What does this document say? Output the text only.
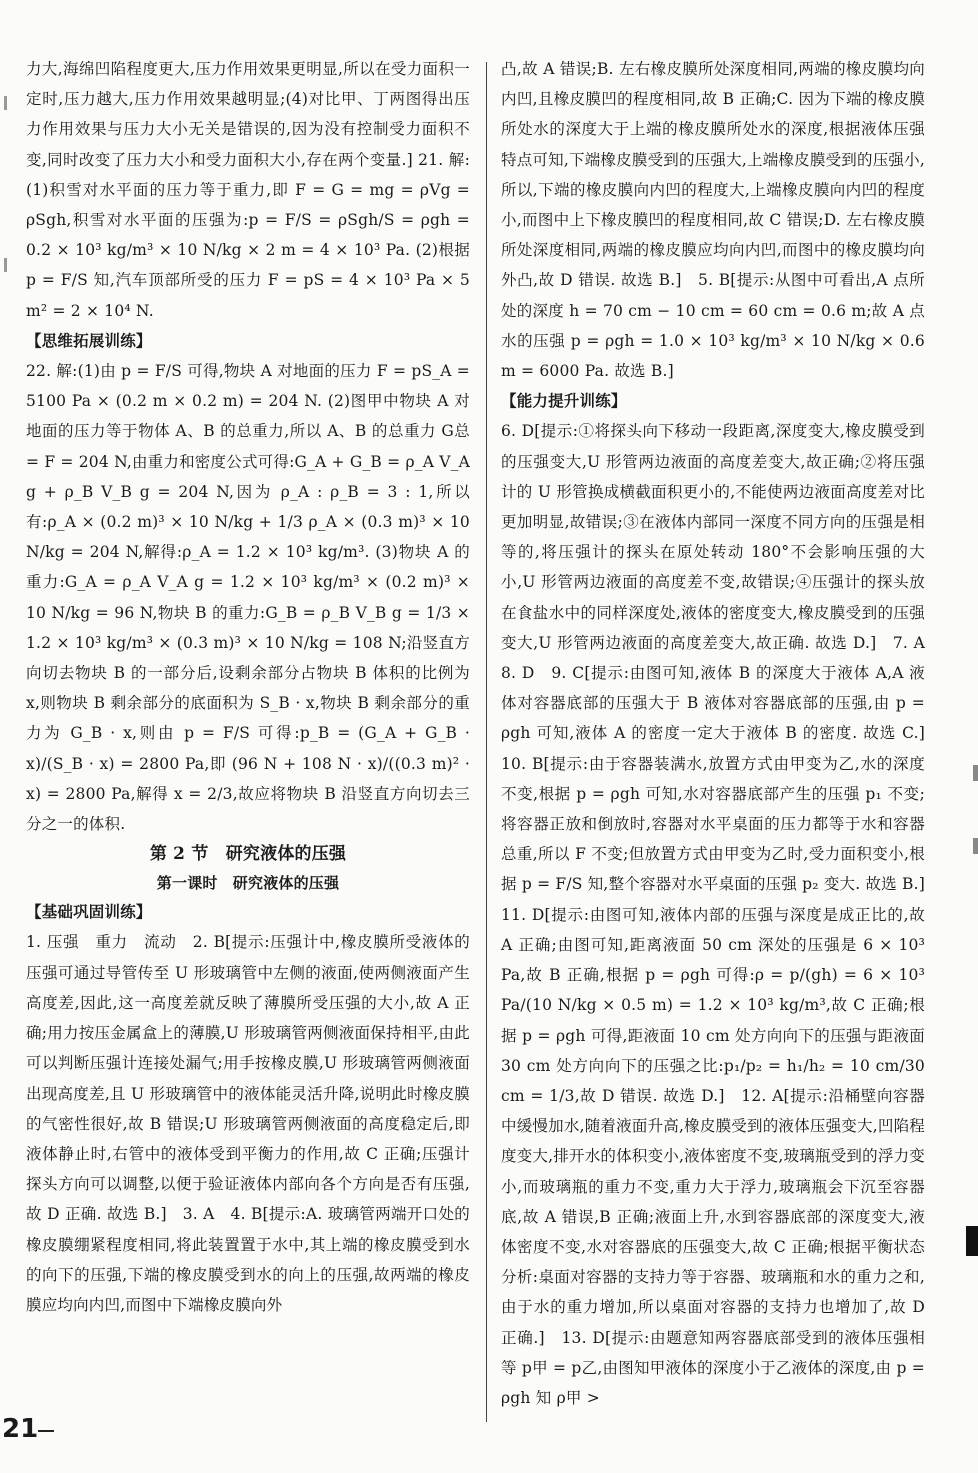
力大,海绵凹陷程度更大,压力作用效果更明显,所以在受力面积一定时,压力越大,压力作用效果越明显;(4)对比甲、丁两图得出压力作用效果与压力大小无关是错误的,因为没有控制受力面积不变,同时改变了压力大小和受力面积大小,存在两个变量.] 21. 解:(1)积雪对水平面的压力等于重力,即 F = G = mg = ρVg = ρSgh,积雪对水平面的压强为:p = F/S = ρSgh/S = ρgh = 0.2 × 10³ kg/m³ × 10 N/kg × 2 m = 4 × 10³ Pa. (2)根据 p = F/S 知,汽车顶部所受的压力 F = pS = 4 × 10³ Pa × 5 m² = 2 × 10⁴ N.

【思维拓展训练】

22. 解:(1)由 p = F/S 可得,物块 A 对地面的压力 F = pS_A = 5100 Pa × (0.2 m × 0.2 m) = 204 N. (2)图甲中物块 A 对地面的压力等于物体 A、B 的总重力,所以 A、B 的总重力 G总 = F = 204 N,由重力和密度公式可得:G_A + G_B = ρ_A V_A g + ρ_B V_B g = 204 N,因为 ρ_A : ρ_B = 3 : 1,所以有:ρ_A × (0.2 m)³ × 10 N/kg + 1/3 ρ_A × (0.3 m)³ × 10 N/kg = 204 N,解得:ρ_A = 1.2 × 10³ kg/m³. (3)物块 A 的重力:G_A = ρ_A V_A g = 1.2 × 10³ kg/m³ × (0.2 m)³ × 10 N/kg = 96 N,物块 B 的重力:G_B = ρ_B V_B g = 1/3 × 1.2 × 10³ kg/m³ × (0.3 m)³ × 10 N/kg = 108 N;沿竖直方向切去物块 B 的一部分后,设剩余部分占物块 B 体积的比例为 x,则物块 B 剩余部分的底面积为 S_B · x,物块 B 剩余部分的重力为 G_B · x,则由 p = F/S 可得:p_B = (G_A + G_B · x)/(S_B · x) = 2800 Pa,即 (96 N + 108 N · x)/((0.3 m)² · x) = 2800 Pa,解得 x = 2/3,故应将物块 B 沿竖直方向切去三分之一的体积.

第 2 节　研究液体的压强

第一课时　研究液体的压强

【基础巩固训练】

1. 压强　重力　流动　2. B[提示:压强计中,橡皮膜所受液体的压强可通过导管传至 U 形玻璃管中左侧的液面,使两侧液面产生高度差,因此,这一高度差就反映了薄膜所受压强的大小,故 A 正确;用力按压金属盒上的薄膜,U 形玻璃管两侧液面保持相平,由此可以判断压强计连接处漏气;用手按橡皮膜,U 形玻璃管两侧液面出现高度差,且 U 形玻璃管中的液体能灵活升降,说明此时橡皮膜的气密性很好,故 B 错误;U 形玻璃管两侧液面的高度稳定后,即液体静止时,右管中的液体受到平衡力的作用,故 C 正确;压强计探头方向可以调整,以便于验证液体内部向各个方向是否有压强,故 D 正确. 故选 B.]　3. A　4. B[提示:A. 玻璃管两端开口处的橡皮膜绷紧程度相同,将此装置置于水中,其上端的橡皮膜受到水的向下的压强,下端的橡皮膜受到水的向上的压强,故两端的橡皮膜应均向内凹,而图中下端橡皮膜向外

凸,故 A 错误;B. 左右橡皮膜所处深度相同,两端的橡皮膜均向内凹,且橡皮膜凹的程度相同,故 B 正确;C. 因为下端的橡皮膜所处水的深度大于上端的橡皮膜所处水的深度,根据液体压强特点可知,下端橡皮膜受到的压强大,上端橡皮膜受到的压强小,所以,下端的橡皮膜向内凹的程度大,上端橡皮膜向内凹的程度小,而图中上下橡皮膜凹的程度相同,故 C 错误;D. 左右橡皮膜所处深度相同,两端的橡皮膜应均向内凹,而图中的橡皮膜均向外凸,故 D 错误. 故选 B.]　5. B[提示:从图中可看出,A 点所处的深度 h = 70 cm − 10 cm = 60 cm = 0.6 m;故 A 点水的压强 p = ρgh = 1.0 × 10³ kg/m³ × 10 N/kg × 0.6 m = 6000 Pa. 故选 B.]

【能力提升训练】

6. D[提示:①将探头向下移动一段距离,深度变大,橡皮膜受到的压强变大,U 形管两边液面的高度差变大,故正确;②将压强计的 U 形管换成横截面积更小的,不能使两边液面高度差对比更加明显,故错误;③在液体内部同一深度不同方向的压强是相等的,将压强计的探头在原处转动 180°不会影响压强的大小,U 形管两边液面的高度差不变,故错误;④压强计的探头放在食盐水中的同样深度处,液体的密度变大,橡皮膜受到的压强变大,U 形管两边液面的高度差变大,故正确. 故选 D.]　7. A　8. D　9. C[提示:由图可知,液体 B 的深度大于液体 A,A 液体对容器底部的压强大于 B 液体对容器底部的压强,由 p = ρgh 可知,液体 A 的密度一定大于液体 B 的密度. 故选 C.]　10. B[提示:由于容器装满水,放置方式由甲变为乙,水的深度不变,根据 p = ρgh 可知,水对容器底部产生的压强 p₁ 不变;将容器正放和倒放时,容器对水平桌面的压力都等于水和容器总重,所以 F 不变;但放置方式由甲变为乙时,受力面积变小,根据 p = F/S 知,整个容器对水平桌面的压强 p₂ 变大. 故选 B.]　11. D[提示:由图可知,液体内部的压强与深度是成正比的,故 A 正确;由图可知,距离液面 50 cm 深处的压强是 6 × 10³ Pa,故 B 正确,根据 p = ρgh 可得:ρ = p/(gh) = 6 × 10³ Pa/(10 N/kg × 0.5 m) = 1.2 × 10³ kg/m³,故 C 正确;根据 p = ρgh 可得,距液面 10 cm 处方向向下的压强与距液面 30 cm 处方向向下的压强之比:p₁/p₂ = h₁/h₂ = 10 cm/30 cm = 1/3,故 D 错误. 故选 D.]　12. A[提示:沿桶壁向容器中缓慢加水,随着液面升高,橡皮膜受到的液体压强变大,凹陷程度变大,排开水的体积变小,液体密度不变,玻璃瓶受到的浮力变小,而玻璃瓶的重力不变,重力大于浮力,玻璃瓶会下沉至容器底,故 A 错误,B 正确;液面上升,水到容器底部的深度变大,液体密度不变,水对容器底的压强变大,故 C 正确;根据平衡状态分析:桌面对容器的支持力等于容器、玻璃瓶和水的重力之和,由于水的重力增加,所以桌面对容器的支持力也增加了,故 D 正确.]　13. D[提示:由题意知两容器底部受到的液体压强相等 p甲 = p乙,由图知甲液体的深度小于乙液体的深度,由 p = ρgh 知 ρ甲 >

21
